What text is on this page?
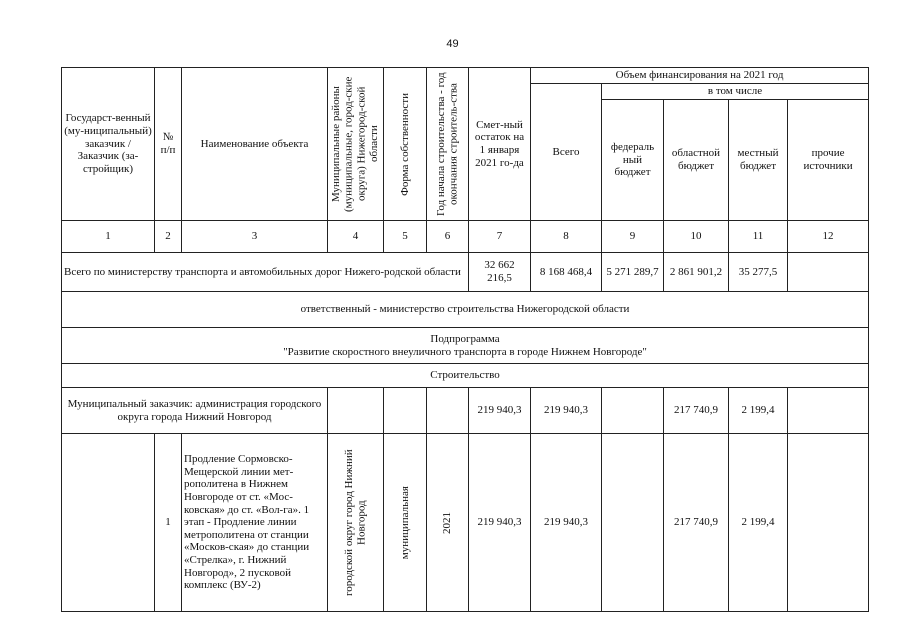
49
Государст-венный (му-ниципальный) заказчик / Заказчик (за-стройщик)	№ п/п	Наименование объекта	Муниципальные районы (муниципальные, город-ские округа) Нижегород-ской области	Форма собственности	Год начала строительства - год окончания строитель-ства	Смет-ный остаток на 1 января 2021 го-да	Объем финансирования на 2021 год				
							Всего	в том числе			
								федераль ный бюджет	областной бюджет	местный бюджет	прочие источники
1	2	3	4	5	6	7	8	9	10	11	12
Всего по министерству транспорта и автомобильных дорог Нижего-родской области						32 662 216,5	8 168 468,4	5 271 289,7	2 861 901,2	35 277,5	
ответственный - министерство строительства Нижегородской области											

Подпрограмма
"Развитие скоростного внеуличного транспорта в городе Нижнем Новгороде"											

Строительство											
Муниципальный заказчик: администрация городского округа города Нижний Новгород						219 940,3	219 940,3		217 740,9	2 199,4	
	1	Продление Сормовско-Мещерской линии мет-рополитена в Нижнем Новгороде от ст. «Мос-ковская» до ст. «Вол-га». 1 этап - Продление линии метрополитена от станции «Москов-ская» до станции «Стрелка», г. Нижний Новгород», 2 пусковой комплекс (ВУ-2)	городской округ город Нижний Новгород	муниципальная	2021	219 940,3	219 940,3		217 740,9	2 199,4	
